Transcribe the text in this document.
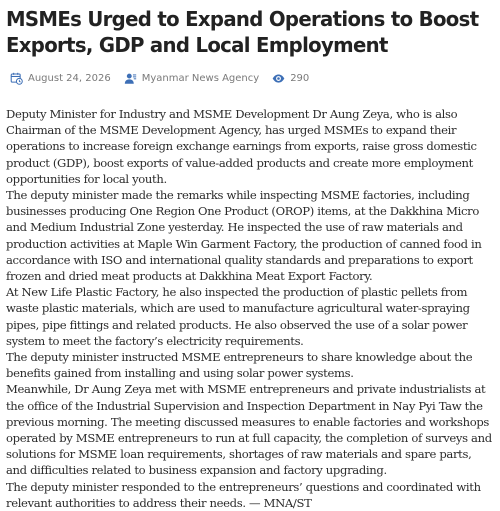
MSMEs Urged to Expand Operations to Boost Exports, GDP and Local Employment
August 24, 2026	Myanmar News Agency	290

Deputy Minister for Industry and MSME Development Dr Aung Zeya, who is also Chairman of the MSME Development Agency, has urged MSMEs to expand their operations to increase foreign exchange earnings from exports, raise gross domestic product (GDP), boost exports of value-added products and create more employment opportunities for local youth.

The deputy minister made the remarks while inspecting MSME factories, including businesses producing One Region One Product (OROP) items, at the Dakkhina Micro and Medium Industrial Zone yesterday. He inspected the use of raw materials and production activities at Maple Win Garment Factory, the production of canned food in accordance with ISO and international quality standards and preparations to export frozen and dried meat products at Dakkhina Meat Export Factory.

At New Life Plastic Factory, he also inspected the production of plastic pellets from waste plastic materials, which are used to manufacture agricultural water-spraying pipes, pipe fittings and related products. He also observed the use of a solar power system to meet the factory’s electricity requirements.

The deputy minister instructed MSME entrepreneurs to share knowledge about the benefits gained from installing and using solar power systems.

Meanwhile, Dr Aung Zeya met with MSME entrepreneurs and private industrialists at the office of the Industrial Supervision and Inspection Department in Nay Pyi Taw the previous morning. The meeting discussed measures to enable factories and workshops operated by MSME entrepreneurs to run at full capacity, the completion of surveys and solutions for MSME loan requirements, shortages of raw materials and spare parts, and difficulties related to business expansion and factory upgrading.

The deputy minister responded to the entrepreneurs’ questions and coordinated with relevant authorities to address their needs. — MNA/ST
